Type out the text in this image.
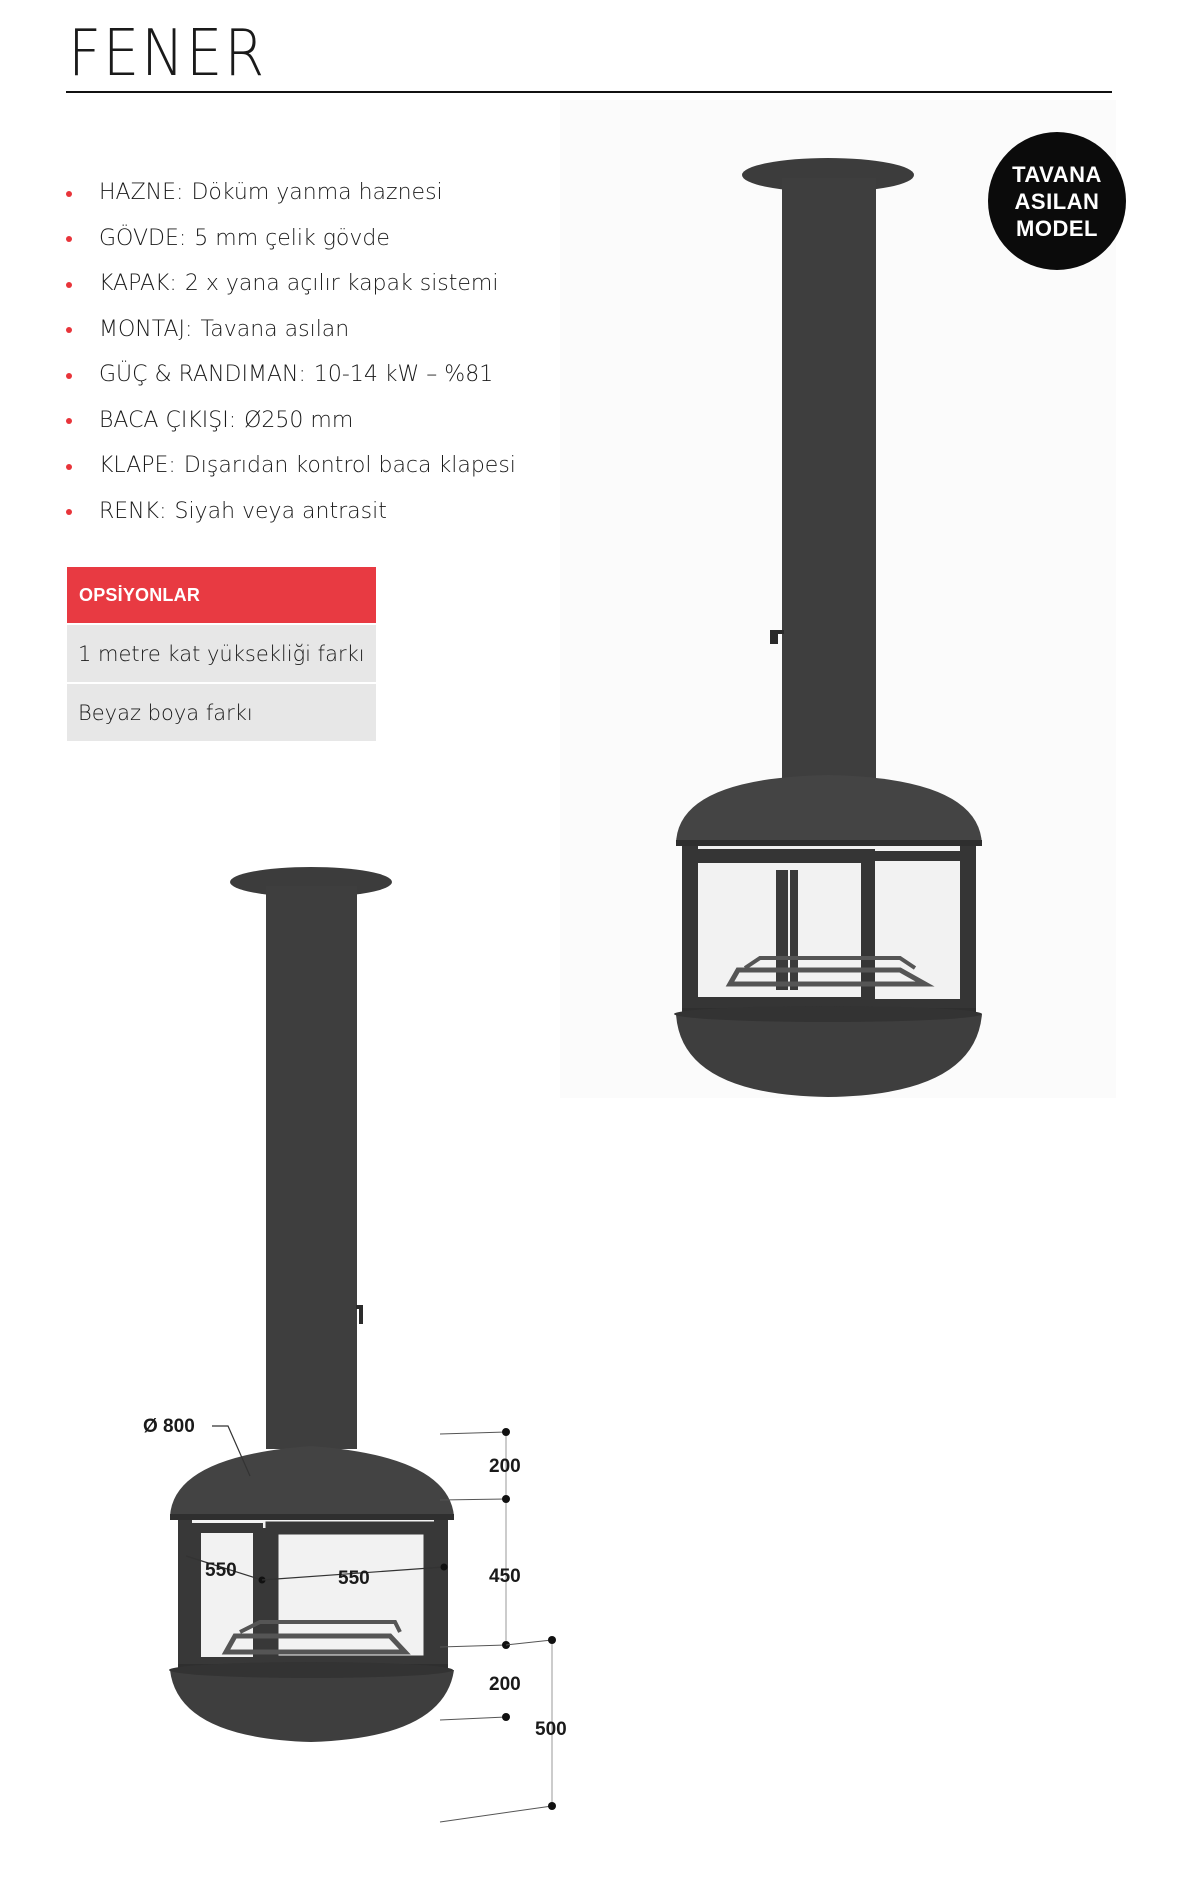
FENER
HAZNE: Döküm yanma haznesi
GÖVDE: 5 mm çelik gövde
KAPAK: 2 x yana açılır kapak sistemi
MONTAJ: Tavana asılan
GÜÇ & RANDIMAN: 10-14 kW – %81
BACA ÇIKIŞI: Ø250 mm
KLAPE: Dışarıdan kontrol baca klapesi
RENK: Siyah veya antrasit
OPSİYONLAR
1 metre kat yüksekliği farkı
Beyaz boya farkı
Ø 800
550	550
200
450
200
500
TAVANA
ASILAN
MODEL
